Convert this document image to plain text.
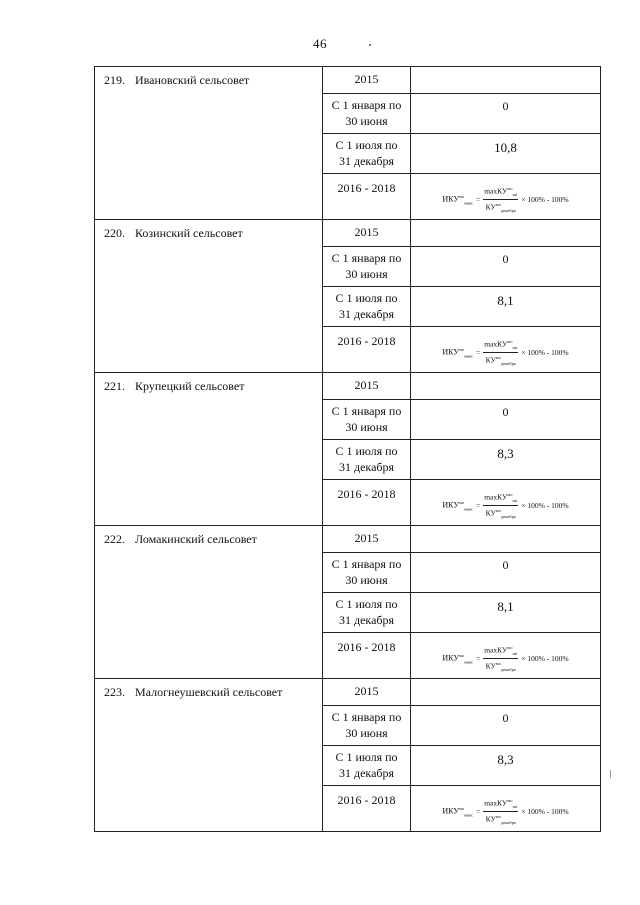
46
219. Ивановский сельсовет	2015	
	С 1 января по
30 июня	0

	С 1 июля по
31 декабря	10,8

	2016 - 2018	$ИКУ^{мо}_{макс} = \frac{\max КУ^{мо}_{mi}}{КУ^{мо}_{декабрь}} \times 100\% - 100\%$

220. Козинский сельсовет	2015	
	С 1 января по
30 июня	0

	С 1 июля по
31 декабря	8,1

	2016 - 2018	$ИКУ^{мо}_{макс} = \frac{\max КУ^{мо}_{mi}}{КУ^{мо}_{декабрь}} \times 100\% - 100\%$

221. Крупецкий сельсовет	2015	
	С 1 января по
30 июня	0

	С 1 июля по
31 декабря	8,3

	2016 - 2018	$ИКУ^{мо}_{макс} = \frac{\max КУ^{мо}_{mi}}{КУ^{мо}_{декабрь}} \times 100\% - 100\%$

222. Ломакинский сельсовет	2015	
	С 1 января по
30 июня	0

	С 1 июля по
31 декабря	8,1

	2016 - 2018	$ИКУ^{мо}_{макс} = \frac{\max КУ^{мо}_{mi}}{КУ^{мо}_{декабрь}} \times 100\% - 100\%$

223. Малогнеушевский сельсовет	2015	
	С 1 января по
30 июня	0

	С 1 июля по
31 декабря	8,3

	2016 - 2018	$ИКУ^{мо}_{макс} = \frac{\max КУ^{мо}_{mi}}{КУ^{мо}_{декабрь}} \times 100\% - 100\%$
